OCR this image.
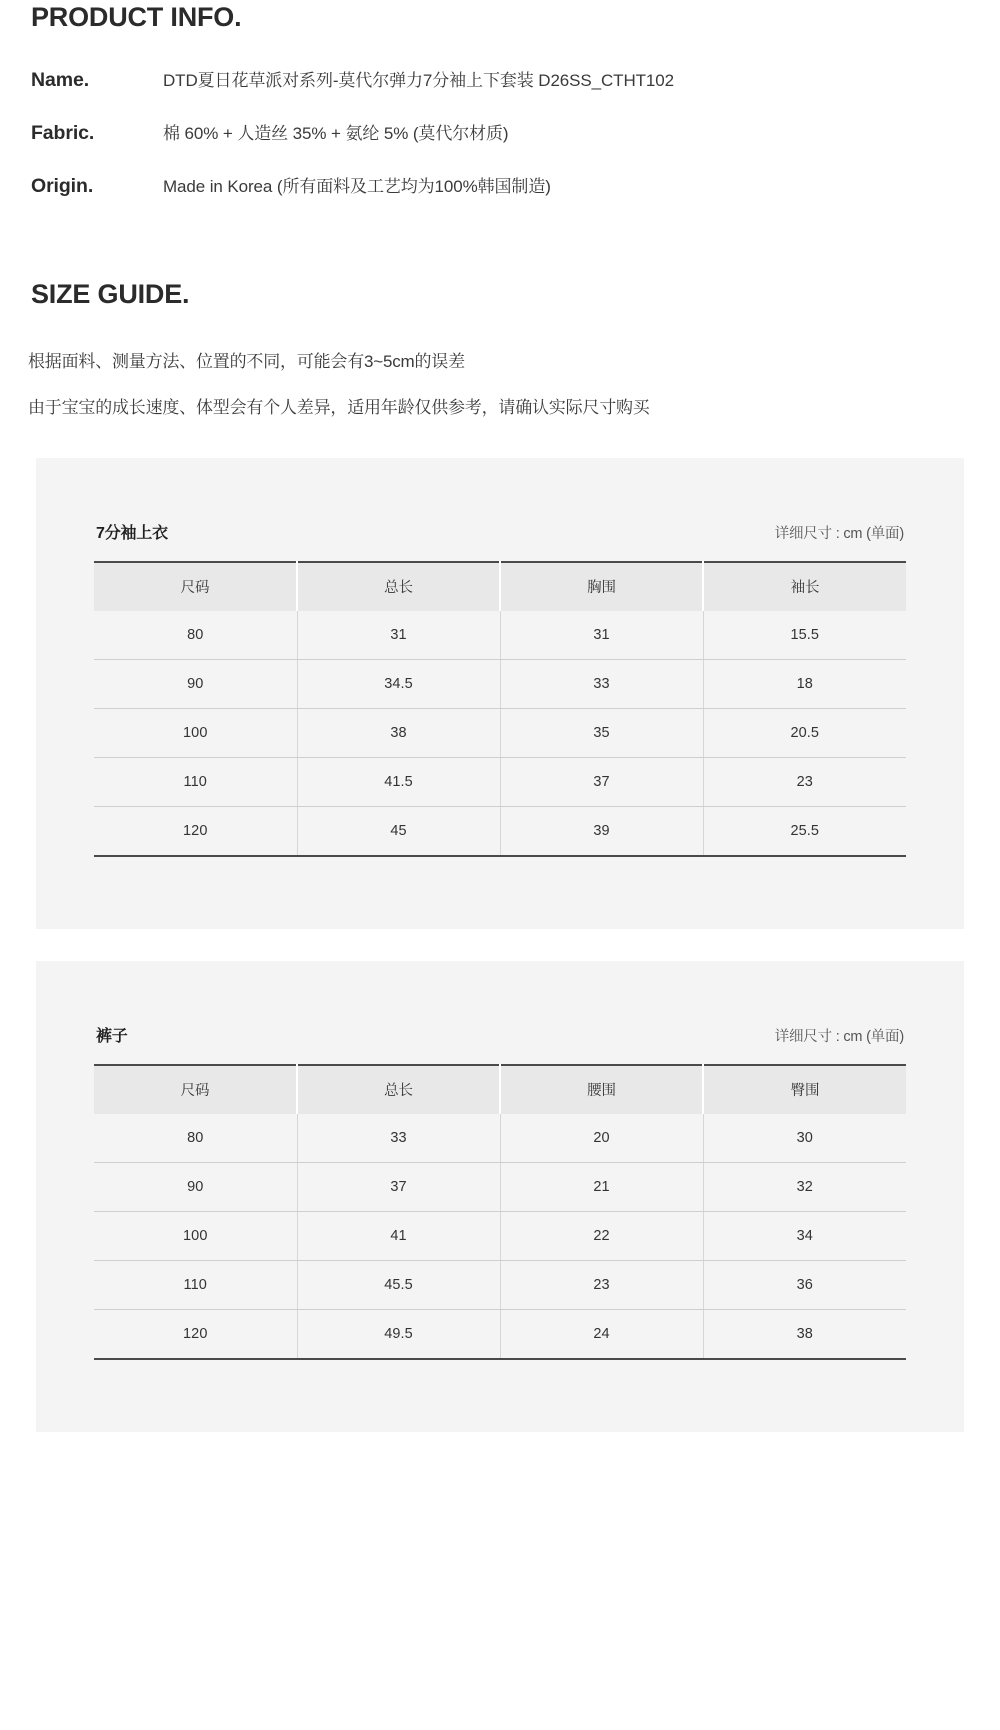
PRODUCT INFO.
Name.	DTD夏日花草派对系列-莫代尔弹力7分袖上下套装 D26SS_CTHT102
Fabric.	棉 60% + 人造丝 35% + 氨纶 5% (莫代尔材质)
Origin.	Made in Korea (所有面料及工艺均为100%韩国制造)
SIZE GUIDE.

根据面料、测量方法、位置的不同，可能会有3~5cm的误差

由于宝宝的成长速度、体型会有个人差异，适用年龄仅供参考，请确认实际尺寸购买

7分袖上衣	详细尺寸 : cm (单面)
尺码	总长	胸围	袖长
80	31	31	15.5
90	34.5	33	18
100	38	35	20.5
110	41.5	37	23
120	45	39	25.5
裤子	详细尺寸 : cm (单面)
尺码	总长	腰围	臀围
80	33	20	30
90	37	21	32
100	41	22	34
110	45.5	23	36
120	49.5	24	38
